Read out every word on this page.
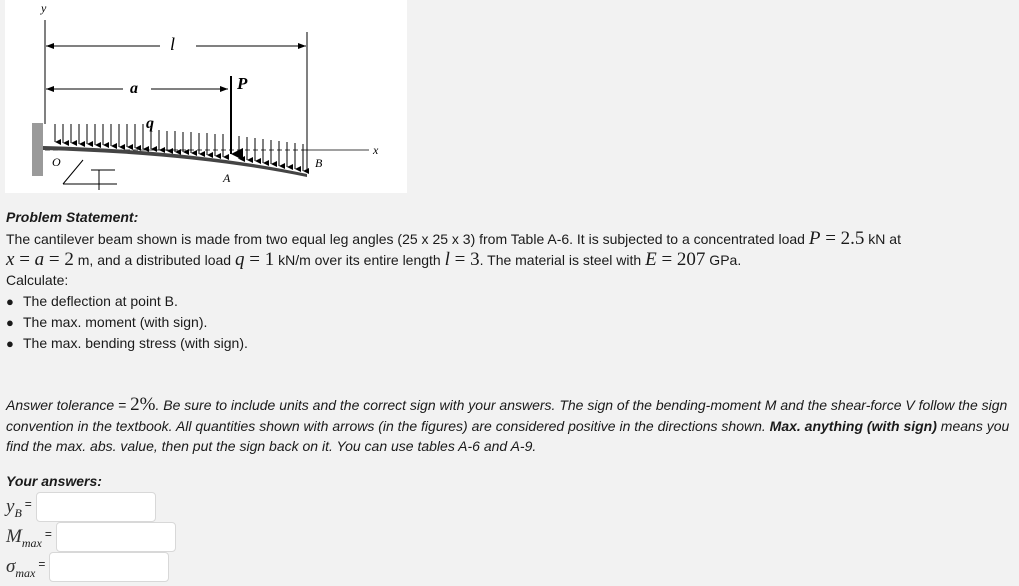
y
l
a	P
q
x
O
A
B
Problem Statement:
The cantilever beam shown is made from two equal leg angles (25 x 25 x 3) from Table A-6. It is subjected to a concentrated load P = 2.5 kN at
x = a = 2 m, and a distributed load q = 1 kN/m over its entire length l = 3. The material is steel with E = 207 GPa.
Calculate:
● The deflection at point B.
● The max. moment (with sign).
● The max. bending stress (with sign).
Answer tolerance = 2%. Be sure to include units and the correct sign with your answers. The sign of the bending-moment M and the shear-force V follow the sign convention in the textbook. All quantities shown with arrows (in the figures) are considered positive in the directions shown. Max. anything (with sign) means you find the max. abs. value, then put the sign back on it. You can use tables A-6 and A-9.
Your answers:
y B
=
M max
=
σ max
=
